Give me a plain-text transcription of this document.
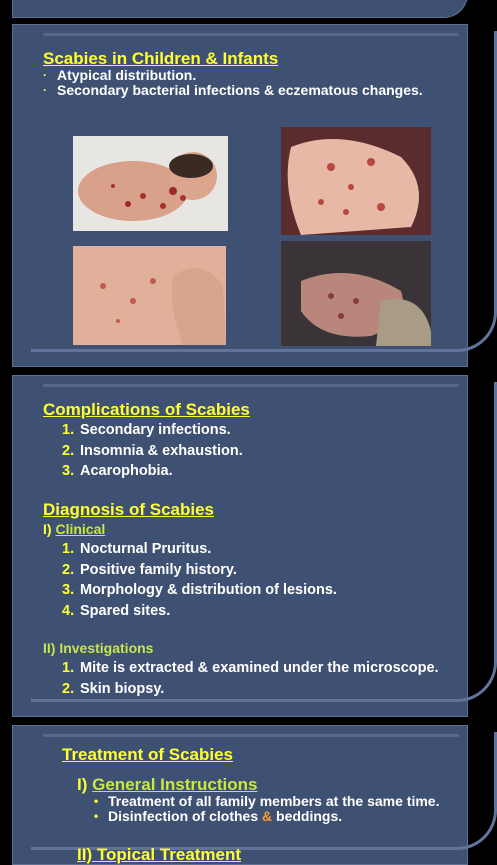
Scabies in Children & Infants
· Atypical distribution.
· Secondary bacterial infections & eczematous changes.
Complications of Scabies
1. Secondary infections.
2. Insomnia & exhaustion.
3. Acarophobia.
Diagnosis of Scabies
I) Clinical
1. Nocturnal Pruritus.
2. Positive family history.
3. Morphology & distribution of lesions.
4. Spared sites.
II) Investigations
1. Mite is extracted & examined under the microscope.
2. Skin biopsy.
Treatment of Scabies
I) General Instructions
• Treatment of all family members at the same time.
• Disinfection of clothes & beddings.
II) Topical Treatment
